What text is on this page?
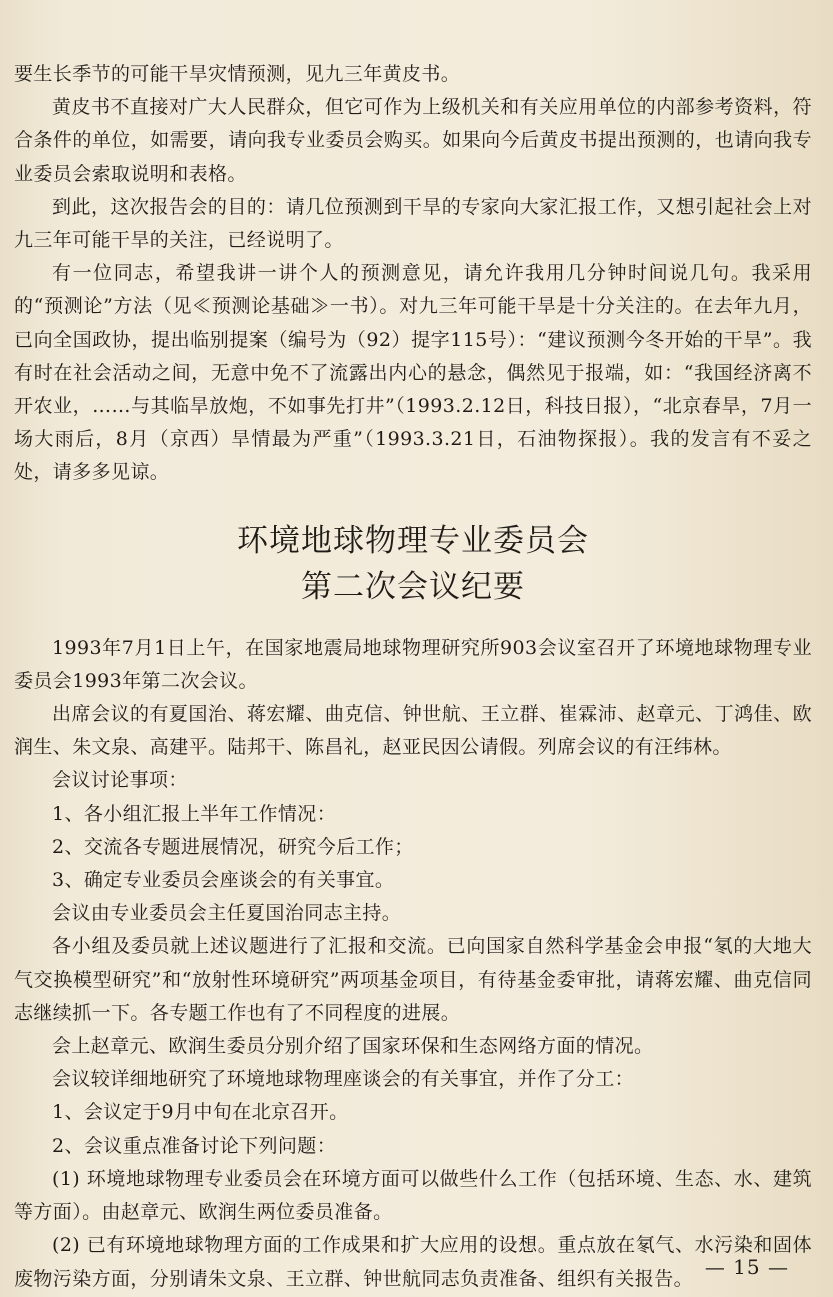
要生长季节的可能干旱灾情预测，见九三年黄皮书。

黄皮书不直接对广大人民群众，但它可作为上级机关和有关应用单位的内部参考资料，符合条件的单位，如需要，请向我专业委员会购买。如果向今后黄皮书提出预测的，也请向我专业委员会索取说明和表格。

到此，这次报告会的目的：请几位预测到干旱的专家向大家汇报工作，又想引起社会上对九三年可能干旱的关注，已经说明了。

有一位同志，希望我讲一讲个人的预测意见，请允许我用几分钟时间说几句。我采用的“预测论”方法（见≪预测论基础≫一书）。对九三年可能干旱是十分关注的。在去年九月，已向全国政协，提出临别提案（编号为（92）提字115号）：“建议预测今冬开始的干旱”。我有时在社会活动之间，无意中免不了流露出内心的悬念，偶然见于报端，如：“我国经济离不开农业，……与其临旱放炮，不如事先打井”（1993.2.12日，科技日报），“北京春旱，7月一场大雨后，8月（京西）旱情最为严重”（1993.3.21日，石油物探报）。我的发言有不妥之处，请多多见谅。

环境地球物理专业委员会
第二次会议纪要

1993年7月1日上午，在国家地震局地球物理研究所903会议室召开了环境地球物理专业委员会1993年第二次会议。

出席会议的有夏国治、蒋宏耀、曲克信、钟世航、王立群、崔霖沛、赵章元、丁鸿佳、欧润生、朱文泉、高建平。陆邦干、陈昌礼，赵亚民因公请假。列席会议的有汪纬林。

会议讨论事项：

1、各小组汇报上半年工作情况：

2、交流各专题进展情况，研究今后工作；

3、确定专业委员会座谈会的有关事宜。

会议由专业委员会主任夏国治同志主持。

各小组及委员就上述议题进行了汇报和交流。已向国家自然科学基金会申报“氡的大地大气交换模型研究”和“放射性环境研究”两项基金项目，有待基金委审批，请蒋宏耀、曲克信同志继续抓一下。各专题工作也有了不同程度的进展。

会上赵章元、欧润生委员分别介绍了国家环保和生态网络方面的情况。

会议较详细地研究了环境地球物理座谈会的有关事宜，并作了分工：

1、会议定于9月中旬在北京召开。

2、会议重点准备讨论下列问题：

(1) 环境地球物理专业委员会在环境方面可以做些什么工作（包括环境、生态、水、建筑等方面）。由赵章元、欧润生两位委员准备。

(2) 已有环境地球物理方面的工作成果和扩大应用的设想。重点放在氡气、水污染和固体废物污染方面，分别请朱文泉、王立群、钟世航同志负责准备、组织有关报告。 — 15 —
